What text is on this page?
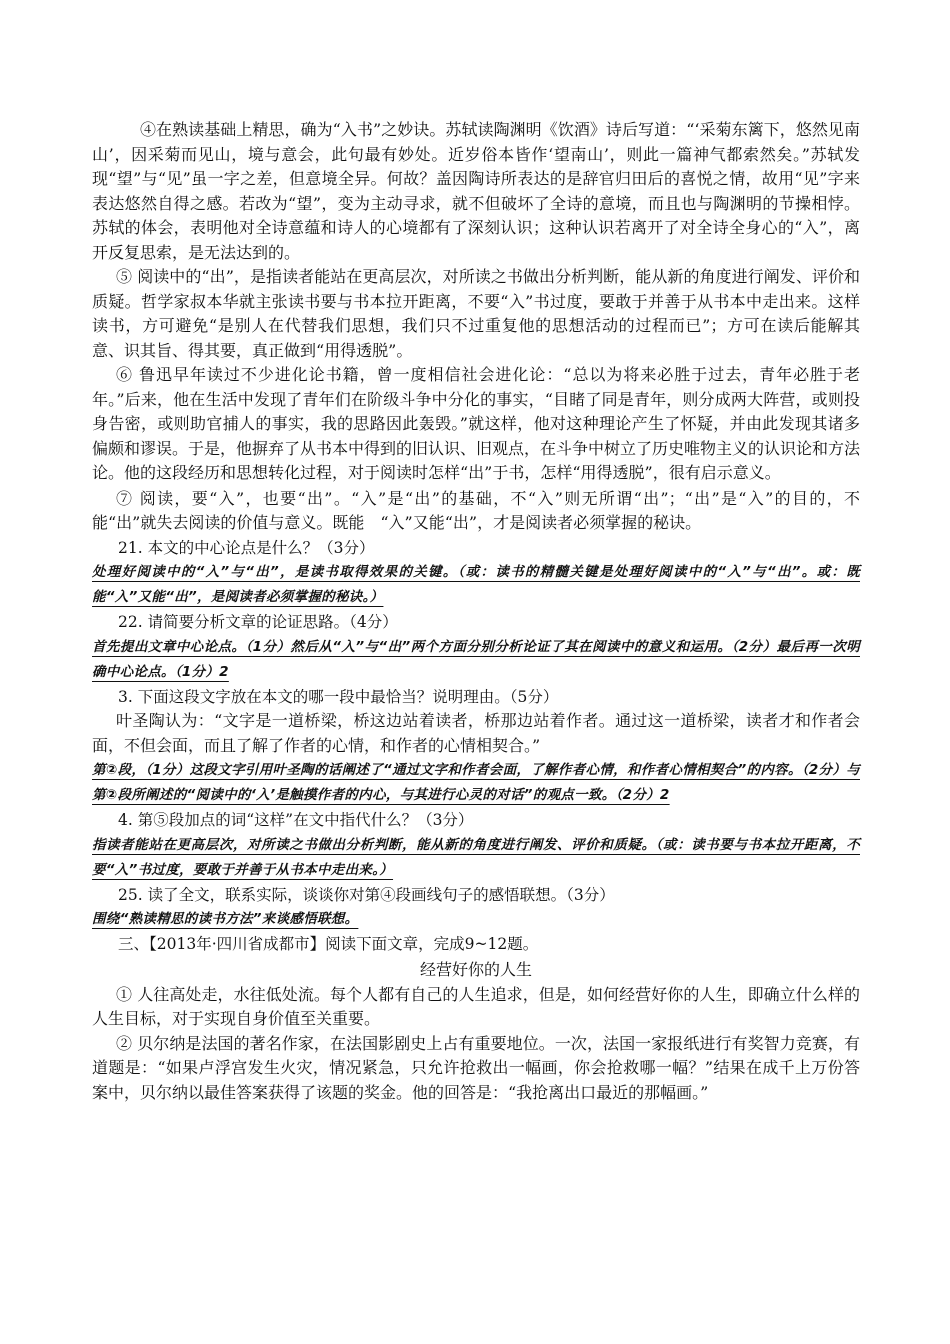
④在熟读基础上精思，确为“入书”之妙诀。苏轼读陶渊明《饮酒》诗后写道：“‘采菊东篱下，悠然见南山’，因采菊而见山，境与意会，此句最有妙处。近岁俗本皆作‘望南山’，则此一篇神气都索然矣。”苏轼发现“望”与“见”虽一字之差，但意境全异。何故？盖因陶诗所表达的是辞官归田后的喜悦之情，故用“见”字来表达悠然自得之感。若改为“望”，变为主动寻求，就不但破坏了全诗的意境，而且也与陶渊明的节操相悖。苏轼的体会，表明他对全诗意蕴和诗人的心境都有了深刻认识；这种认识若离开了对全诗全身心的“入”，离开反复思索，是无法达到的。

⑤ 阅读中的“出”，是指读者能站在更高层次，对所读之书做出分析判断，能从新的角度进行阐发、评价和质疑。哲学家叔本华就主张读书要与书本拉开距离，不要“入”书过度，要敢于并善于从书本中走出来。这样读书，方可避免“是别人在代替我们思想，我们只不过重复他的思想活动的过程而已”；方可在读后能解其意、识其旨、得其要，真正做到“用得透脱”。

⑥ 鲁迅早年读过不少进化论书籍，曾一度相信社会进化论：“总以为将来必胜于过去，青年必胜于老年。”后来，他在生活中发现了青年们在阶级斗争中分化的事实，“目睹了同是青年，则分成两大阵营，或则投身告密，或则助官捕人的事实，我的思路因此轰毁。”就这样，他对这种理论产生了怀疑，并由此发现其诸多偏颇和谬误。于是，他摒弃了从书本中得到的旧认识、旧观点，在斗争中树立了历史唯物主义的认识论和方法论。他的这段经历和思想转化过程，对于阅读时怎样“出”于书，怎样“用得透脱”，很有启示意义。

⑦ 阅读，要“入”，也要“出”。“入”是“出”的基础，不“入”则无所谓“出”；“出”是“入”的目的，不能“出”就失去阅读的价值与意义。既能　“入”又能“出”，才是阅读者必须掌握的秘诀。

21. 本文的中心论点是什么？（3分）

处理好阅读中的“入”与“出”，是读书取得效果的关键。（或：读书的精髓关键是处理好阅读中的“入”与“出”。或：既能“入”又能“出”，是阅读者必须掌握的秘诀。）

22. 请简要分析文章的论证思路。（4分）

首先提出文章中心论点。（1分）然后从“入”与“出”两个方面分别分析论证了其在阅读中的意义和运用。（2分）最后再一次明确中心论点。（1分）2

3. 下面这段文字放在本文的哪一段中最恰当？说明理由。（5分）

叶圣陶认为：“文字是一道桥梁，桥这边站着读者，桥那边站着作者。通过这一道桥梁，读者才和作者会面，不但会面，而且了解了作者的心情，和作者的心情相契合。”

第②段，（1分）这段文字引用叶圣陶的话阐述了“通过文字和作者会面，了解作者心情，和作者心情相契合”的内容。（2分）与第②段所阐述的“阅读中的‘入’是触摸作者的内心，与其进行心灵的对话”的观点一致。（2分）2

4. 第⑤段加点的词“这样”在文中指代什么？（3分）

指读者能站在更高层次，对所读之书做出分析判断，能从新的角度进行阐发、评价和质疑。（或：读书要与书本拉开距离，不要“入”书过度，要敢于并善于从书本中走出来。）

25. 读了全文，联系实际，谈谈你对第④段画线句子的感悟联想。（3分）

围绕“熟读精思的读书方法”来谈感悟联想。

三、【2013年·四川省成都市】阅读下面文章，完成9~12题。

经营好你的人生

① 人往高处走，水往低处流。每个人都有自己的人生追求，但是，如何经营好你的人生，即确立什么样的人生目标，对于实现自身价值至关重要。

② 贝尔纳是法国的著名作家，在法国影剧史上占有重要地位。一次，法国一家报纸进行有奖智力竞赛，有道题是：“如果卢浮宫发生火灾，情况紧急，只允许抢救出一幅画，你会抢救哪一幅？”结果在成千上万份答案中，贝尔纳以最佳答案获得了该题的奖金。他的回答是：“我抢离出口最近的那幅画。”
